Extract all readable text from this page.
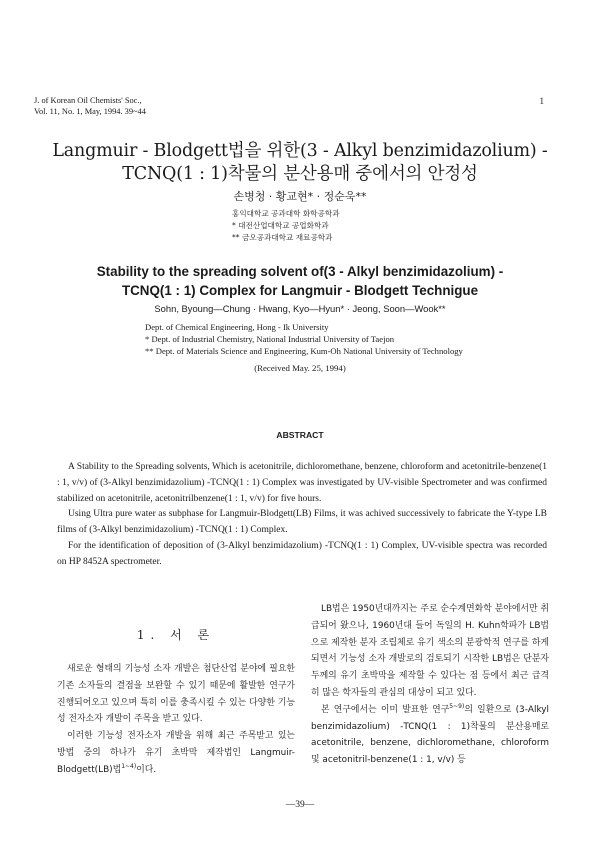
J. of Korean Oil Chemists' Soc.,
Vol. 11, No. 1, May, 1994. 39~44
1
Langmuir - Blodgett법을 위한(3 - Alkyl benzimidazolium) -
TCNQ(1 : 1)착물의 분산용매 중에서의 안정성
손병청 · 황교현* · 정순욱**
홍익대학교 공과대학 화학공학과
* 대전산업대학교 공업화학과
** 금오공과대학교 재료공학과
Stability to the spreading solvent of(3 - Alkyl benzimidazolium) -
TCNQ(1 : 1) Complex for Langmuir - Blodgett Technigue
Sohn, Byoung—Chung · Hwang, Kyo—Hyun* · Jeong, Soon—Wook**
Dept. of Chemical Engineering, Hong - Ik University
* Dept. of Industrial Chemistry, National Industrial University of Taejon
** Dept. of Materials Science and Engineering, Kum-Oh National University of Technology
(Received May. 25, 1994)
ABSTRACT

A Stability to the Spreading solvents, Which is acetonitrile, dichloromethane, benzene, chloroform and acetonitrile-benzene(1 : 1, v/v) of (3-Alkyl benzimidazolium) -TCNQ(1 : 1) Complex was investigated by UV-visible Spectrometer and was confirmed stabilized on acetonitrile, acetonitrilbenzene(1 : 1, v/v) for five hours.

Using Ultra pure water as subphase for Langmuir-Blodgett(LB) Films, it was achived successively to fabricate the Y-type LB films of (3-Alkyl benzimidazolium) -TCNQ(1 : 1) Complex.

For the identification of deposition of (3-Alkyl benzimidazolium) -TCNQ(1 : 1) Complex, UV-visible spectra was recorded on HP 8452A spectrometer.

1. 서 론

새로운 형태의 기능성 소자 개발은 첨단산업 분야에 필요한 기존 소자들의 결점을 보완할 수 있기 때문에 활발한 연구가 진행되어오고 있으며 특히 이를 충족시킬 수 있는 다양한 기능성 전자소자 개발이 주목을 받고 있다.

이러한 기능성 전자소자 개발을 위해 최근 주목받고 있는 방법 중의 하나가 유기 초박막 제작법인 Langmuir-Blodgett(LB)법$^{1\sim 4)}$이다.

LB법은 1950년대까지는 주로 순수계면화학 분야에서만 취급되어 왔으나, 1960년대 들어 독일의 H. Kuhn학파가 LB법으로 제작한 분자 조립체로 유기 색소의 분광학적 연구를 하게 되면서 기능성 소자 개발로의 검토되기 시작한 LB법은 단분자 두께의 유기 초박막을 제작할 수 있다는 점 등에서 최근 급격히 많은 학자들의 관심의 대상이 되고 있다.

본 연구에서는 이미 발표한 연구$^{5\sim 9)}$의 일환으로 (3-Alkyl benzimidazolium) -TCNQ(1 : 1)착물의 분산용매로 acetonitrile, benzene, dichloromethane, chloroform 및 acetonitril-benzene(1 : 1, v/v) 등

—39—
